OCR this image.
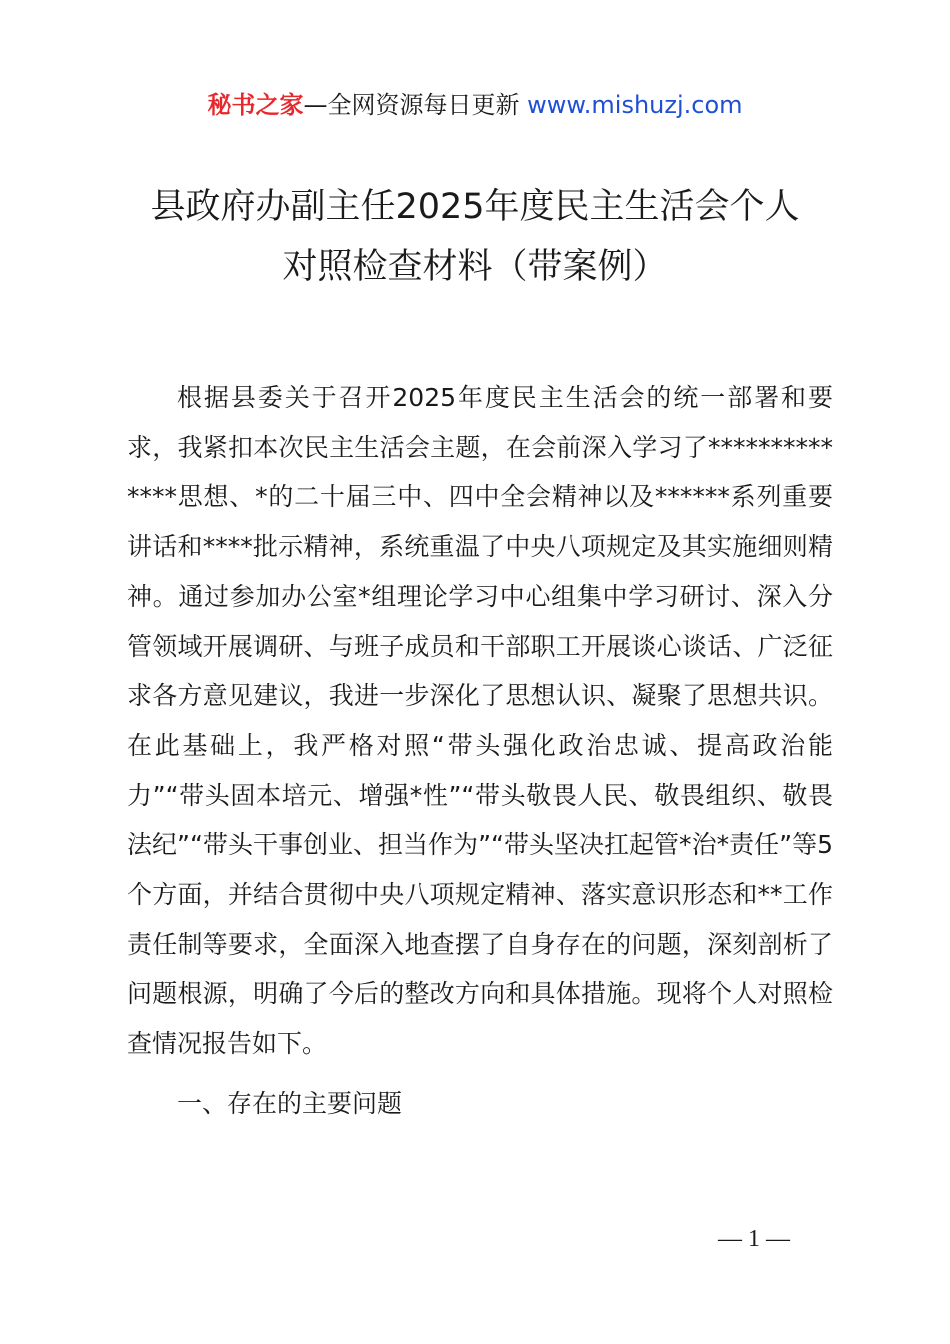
秘书之家—全网资源每日更新 www.mishuzj.com
县政府办副主任2025年度民主生活会个人
对照检查材料（带案例）

根据县委关于召开2025年度民主生活会的统一部署和要求，我紧扣本次民主生活会主题，在会前深入学习了**************思想、*的二十届三中、四中全会精神以及******系列重要讲话和****批示精神，系统重温了中央八项规定及其实施细则精神。通过参加办公室*组理论学习中心组集中学习研讨、深入分管领域开展调研、与班子成员和干部职工开展谈心谈话、广泛征求各方意见建议，我进一步深化了思想认识、凝聚了思想共识。在此基础上，我严格对照“带头强化政治忠诚、提高政治能力”“带头固本培元、增强*性”“带头敬畏人民、敬畏组织、敬畏法纪”“带头干事创业、担当作为”“带头坚决扛起管*治*责任”等5个方面，并结合贯彻中央八项规定精神、落实意识形态和**工作责任制等要求，全面深入地查摆了自身存在的问题，深刻剖析了问题根源，明确了今后的整改方向和具体措施。现将个人对照检查情况报告如下。

一、存在的主要问题
— 1 —
